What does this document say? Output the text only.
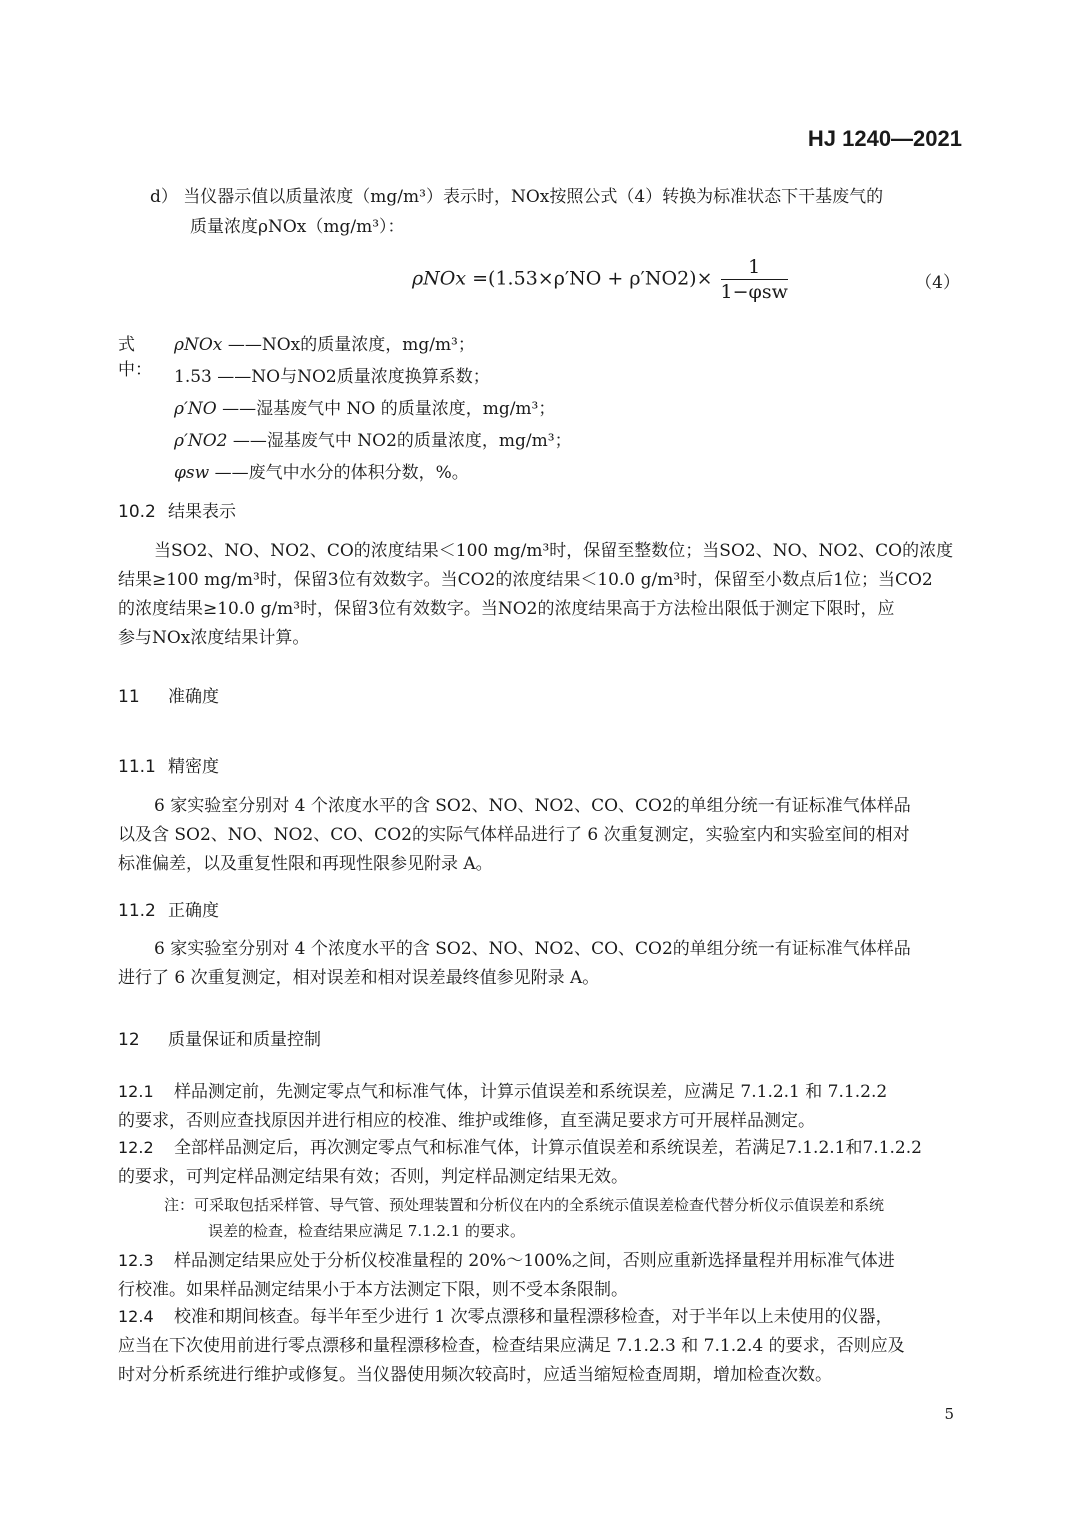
HJ 1240—2021
d） 当仪器示值以质量浓度（mg/m³）表示时，NOx按照公式（4）转换为标准状态下干基废气的
质量浓度ρNOx（mg/m³）：
$\rho NOx =(1.53\times\rho'NO + \rho'NO2)\times \frac{1}{\text{1−φsw}}$	（4）
式中：
ρNOx ——NOx的质量浓度，mg/m³；
1.53 ——NO与NO2质量浓度换算系数；
ρ′NO ——湿基废气中 NO 的质量浓度，mg/m³；
ρ′NO2 ——湿基废气中 NO2的质量浓度，mg/m³；
φsw ——废气中水分的体积分数，%。
10.2 结果表示
当SO2、NO、NO2、CO的浓度结果＜100 mg/m³时，保留至整数位；当SO2、NO、NO2、CO的浓度
结果≥100 mg/m³时，保留3位有效数字。当CO2的浓度结果＜10.0 g/m³时，保留至小数点后1位；当CO2
的浓度结果≥10.0 g/m³时，保留3位有效数字。当NO2的浓度结果高于方法检出限低于测定下限时，应
参与NOx浓度结果计算。
11 准确度
11.1 精密度
6 家实验室分别对 4 个浓度水平的含 SO2、NO、NO2、CO、CO2的单组分统一有证标准气体样品
以及含 SO2、NO、NO2、CO、CO2的实际气体样品进行了 6 次重复测定，实验室内和实验室间的相对
标准偏差，以及重复性限和再现性限参见附录 A。
11.2 正确度
6 家实验室分别对 4 个浓度水平的含 SO2、NO、NO2、CO、CO2的单组分统一有证标准气体样品
进行了 6 次重复测定，相对误差和相对误差最终值参见附录 A。
12 质量保证和质量控制
12.1 样品测定前，先测定零点气和标准气体，计算示值误差和系统误差，应满足 7.1.2.1 和 7.1.2.2
的要求，否则应查找原因并进行相应的校准、维护或维修，直至满足要求方可开展样品测定。
12.2 全部样品测定后，再次测定零点气和标准气体，计算示值误差和系统误差，若满足7.1.2.1和7.1.2.2
的要求，可判定样品测定结果有效；否则，判定样品测定结果无效。
注：可采取包括采样管、导气管、预处理装置和分析仪在内的全系统示值误差检查代替分析仪示值误差和系统
误差的检查，检查结果应满足 7.1.2.1 的要求。
12.3 样品测定结果应处于分析仪校准量程的 20%～100%之间，否则应重新选择量程并用标准气体进
行校准。如果样品测定结果小于本方法测定下限，则不受本条限制。
12.4 校准和期间核查。每半年至少进行 1 次零点漂移和量程漂移检查，对于半年以上未使用的仪器，
应当在下次使用前进行零点漂移和量程漂移检查，检查结果应满足 7.1.2.3 和 7.1.2.4 的要求，否则应及
时对分析系统进行维护或修复。当仪器使用频次较高时，应适当缩短检查周期，增加检查次数。
5
